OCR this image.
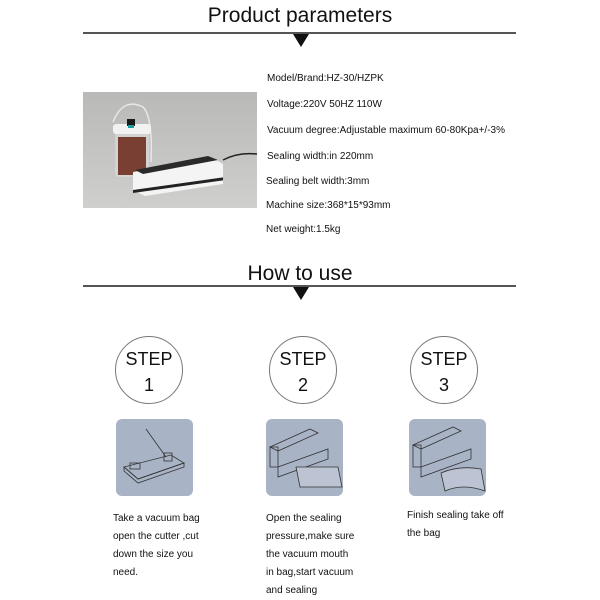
Product parameters
Model/Brand:HZ-30/HZPK
Voltage:220V 50HZ 110W
Vacuum degree:Adjustable maximum 60-80Kpa+/-3%
Sealing width:in 220mm
Sealing belt width:3mm
Machine size:368*15*93mm
Net weight:1.5kg
How to use
STEP
1
STEP
2
STEP
3
Take a vacuum bag
open the cutter ,cut
down the size you
need.
Open the sealing
pressure,make sure
the vacuum mouth
in bag,start vacuum
and sealing
Finish sealing take off
the bag
